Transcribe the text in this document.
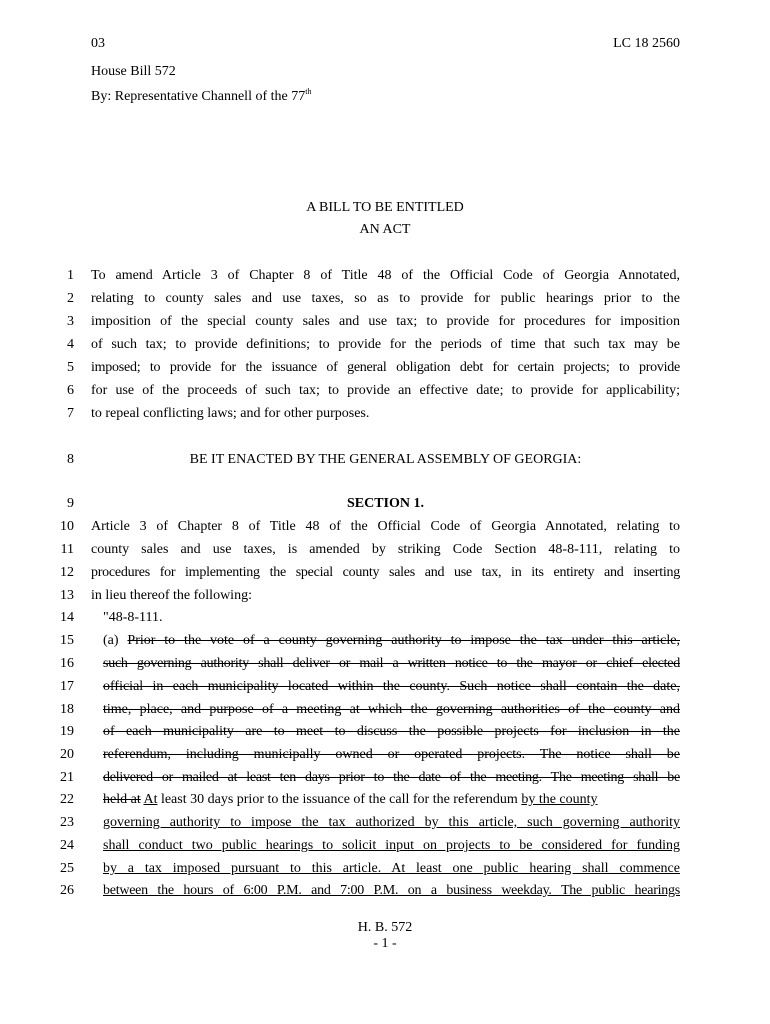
03	LC 18 2560
House Bill 572
By: Representative Channell of the 77th
A BILL TO BE ENTITLED
AN ACT
1 To amend Article 3 of Chapter 8 of Title 48 of the Official Code of Georgia Annotated,
2 relating to county sales and use taxes, so as to provide for public hearings prior to the
3 imposition of the special county sales and use tax; to provide for procedures for imposition
4 of such tax; to provide definitions; to provide for the periods of time that such tax may be
5 imposed; to provide for the issuance of general obligation debt for certain projects; to provide
6 for use of the proceeds of such tax; to provide an effective date; to provide for applicability;
7 to repeal conflicting laws; and for other purposes.
8	BE IT ENACTED BY THE GENERAL ASSEMBLY OF GEORGIA:
9	SECTION 1.
10 Article 3 of Chapter 8 of Title 48 of the Official Code of Georgia Annotated, relating to
11 county sales and use taxes, is amended by striking Code Section 48-8-111, relating to
12 procedures for implementing the special county sales and use tax, in its entirety and inserting
13 in lieu thereof the following:
14 "48-8-111.
15 (a) Prior to the vote of a county governing authority to impose the tax under this article,
16 such governing authority shall deliver or mail a written notice to the mayor or chief elected
17 official in each municipality located within the county. Such notice shall contain the date,
18 time, place, and purpose of a meeting at which the governing authorities of the county and
19 of each municipality are to meet to discuss the possible projects for inclusion in the
20 referendum, including municipally owned or operated projects. The notice shall be
21 delivered or mailed at least ten days prior to the date of the meeting. The meeting shall be
22 held at At least 30 days prior to the issuance of the call for the referendum by the county
23 governing authority to impose the tax authorized by this article, such governing authority
24 shall conduct two public hearings to solicit input on projects to be considered for funding
25 by a tax imposed pursuant to this article. At least one public hearing shall commence
26 between the hours of 6:00 P.M. and 7:00 P.M. on a business weekday. The public hearings
H. B. 572
- 1 -
